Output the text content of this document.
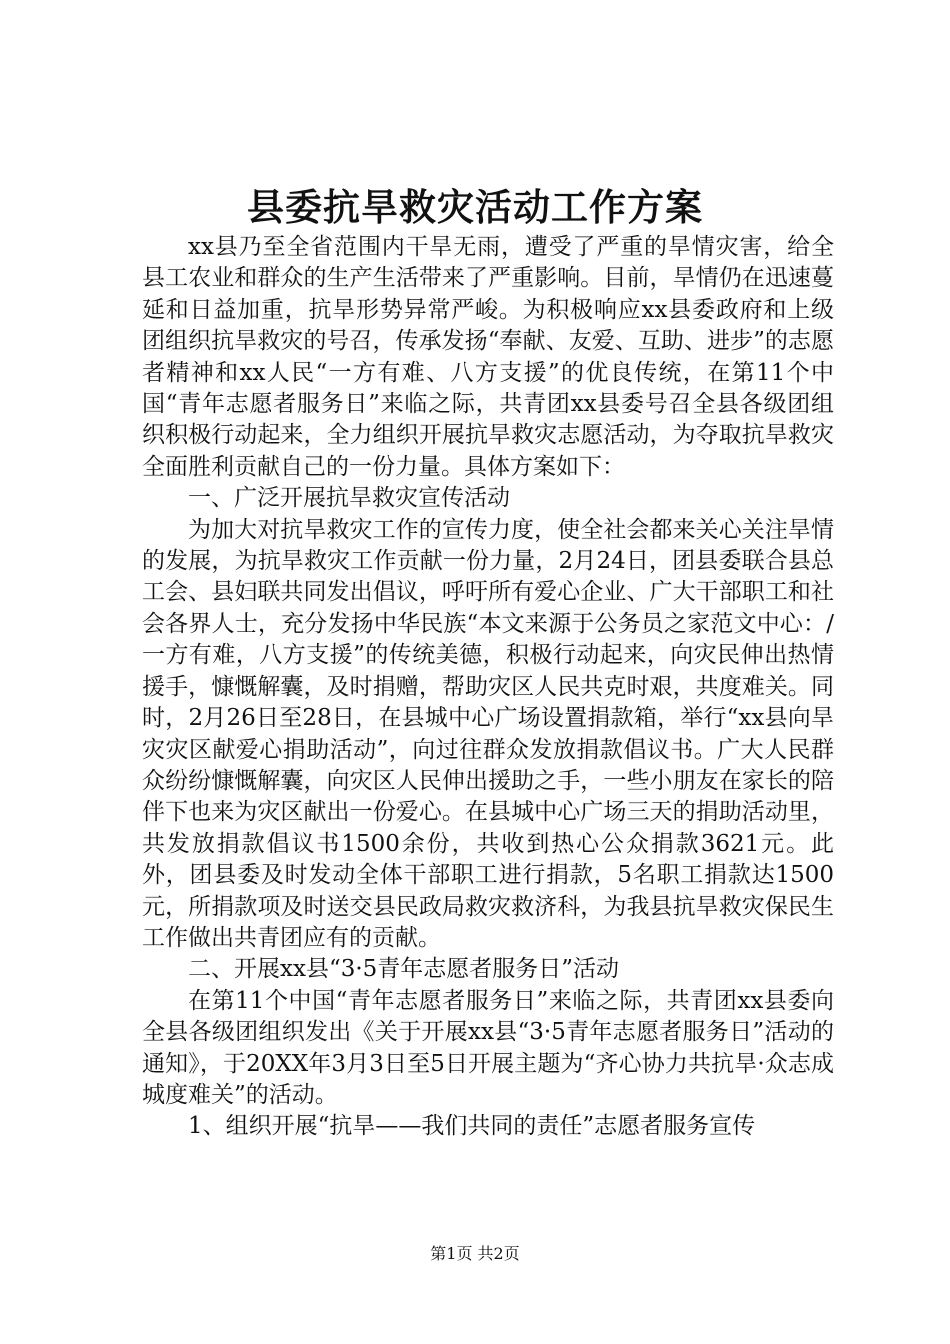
县委抗旱救灾活动工作方案

xx县乃至全省范围内干旱无雨，遭受了严重的旱情灾害，给全县工农业和群众的生产生活带来了严重影响。目前，旱情仍在迅速蔓延和日益加重，抗旱形势异常严峻。为积极响应xx县委政府和上级团组织抗旱救灾的号召，传承发扬“奉献、友爱、互助、进步”的志愿者精神和xx人民“一方有难、八方支援”的优良传统，在第11个中国“青年志愿者服务日”来临之际，共青团xx县委号召全县各级团组织积极行动起来，全力组织开展抗旱救灾志愿活动，为夺取抗旱救灾全面胜利贡献自己的一份力量。具体方案如下：

一、广泛开展抗旱救灾宣传活动

为加大对抗旱救灾工作的宣传力度，使全社会都来关心关注旱情的发展，为抗旱救灾工作贡献一份力量，2月24日，团县委联合县总工会、县妇联共同发出倡议，呼吁所有爱心企业、广大干部职工和社会各界人士，充分发扬中华民族“本文来源于公务员之家范文中心：/一方有难，八方支援”的传统美德，积极行动起来，向灾民伸出热情援手，慷慨解囊，及时捐赠，帮助灾区人民共克时艰，共度难关。同时，2月26日至28日，在县城中心广场设置捐款箱，举行“xx县向旱灾灾区献爱心捐助活动”，向过往群众发放捐款倡议书。广大人民群众纷纷慷慨解囊，向灾区人民伸出援助之手，一些小朋友在家长的陪伴下也来为灾区献出一份爱心。在县城中心广场三天的捐助活动里，共发放捐款倡议书1500余份，共收到热心公众捐款3621元。此外，团县委及时发动全体干部职工进行捐款，5名职工捐款达1500元，所捐款项及时送交县民政局救灾救济科，为我县抗旱救灾保民生工作做出共青团应有的贡献。

二、开展xx县“3·5青年志愿者服务日”活动

在第11个中国“青年志愿者服务日”来临之际，共青团xx县委向全县各级团组织发出《关于开展xx县“3·5青年志愿者服务日”活动的通知》，于20XX年3月3日至5日开展主题为“齐心协力共抗旱·众志成城度难关”的活动。

1、组织开展“抗旱——我们共同的责任”志愿者服务宣传

第1页 共2页
